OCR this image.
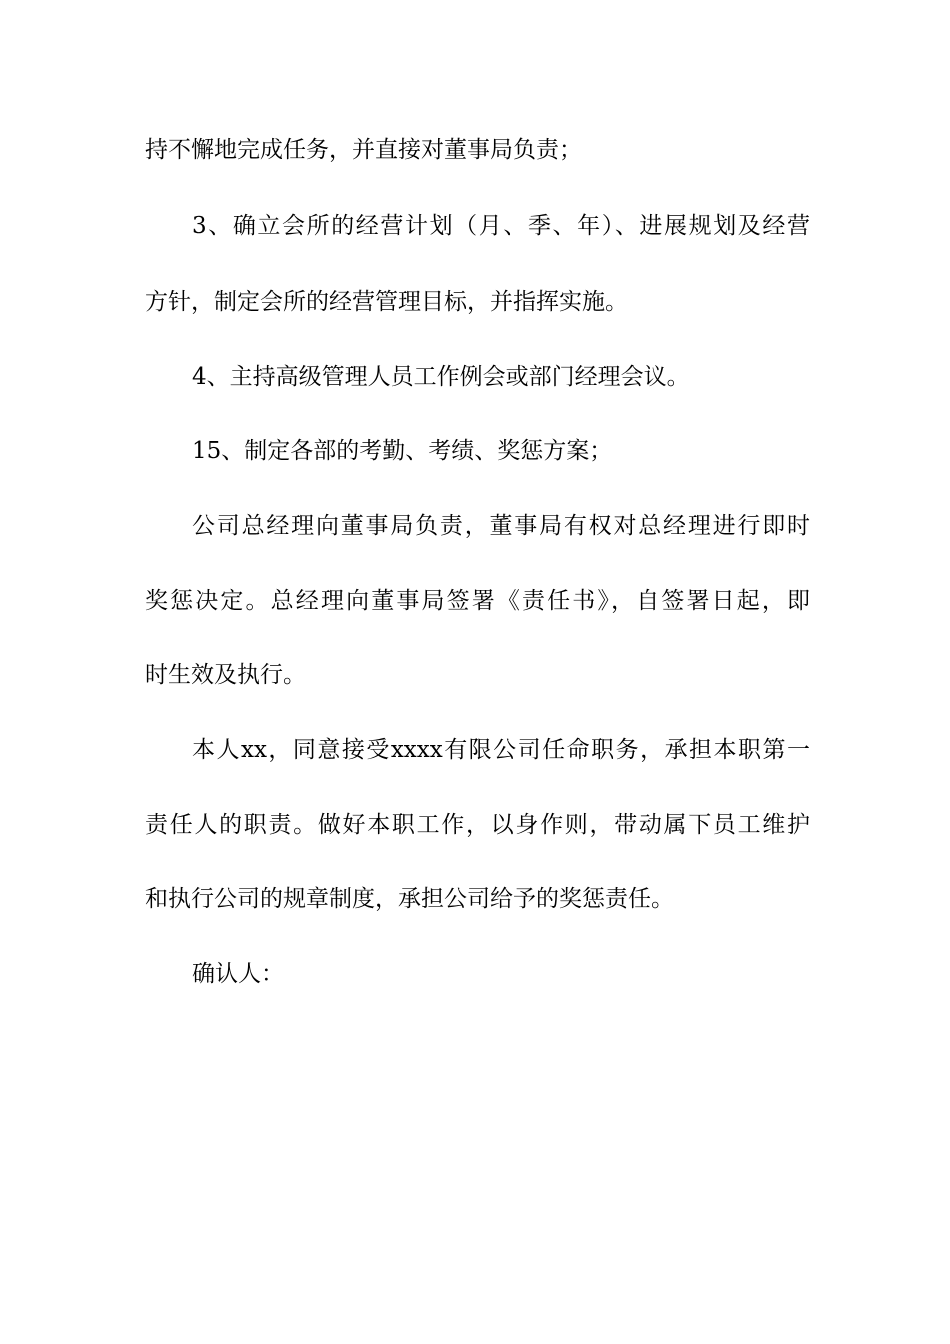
持不懈地完成任务，并直接对董事局负责；
3、确立会所的经营计划（月、季、年）、进展规划及经营
方针，制定会所的经营管理目标，并指挥实施。
4、主持高级管理人员工作例会或部门经理会议。
15、制定各部的考勤、考绩、奖惩方案；
公司总经理向董事局负责，董事局有权对总经理进行即时
奖惩决定。总经理向董事局签署《责任书》，自签署日起，即
时生效及执行。
本人xx，同意接受xxxx有限公司任命职务，承担本职第一
责任人的职责。做好本职工作，以身作则，带动属下员工维护
和执行公司的规章制度，承担公司给予的奖惩责任。
确认人：
